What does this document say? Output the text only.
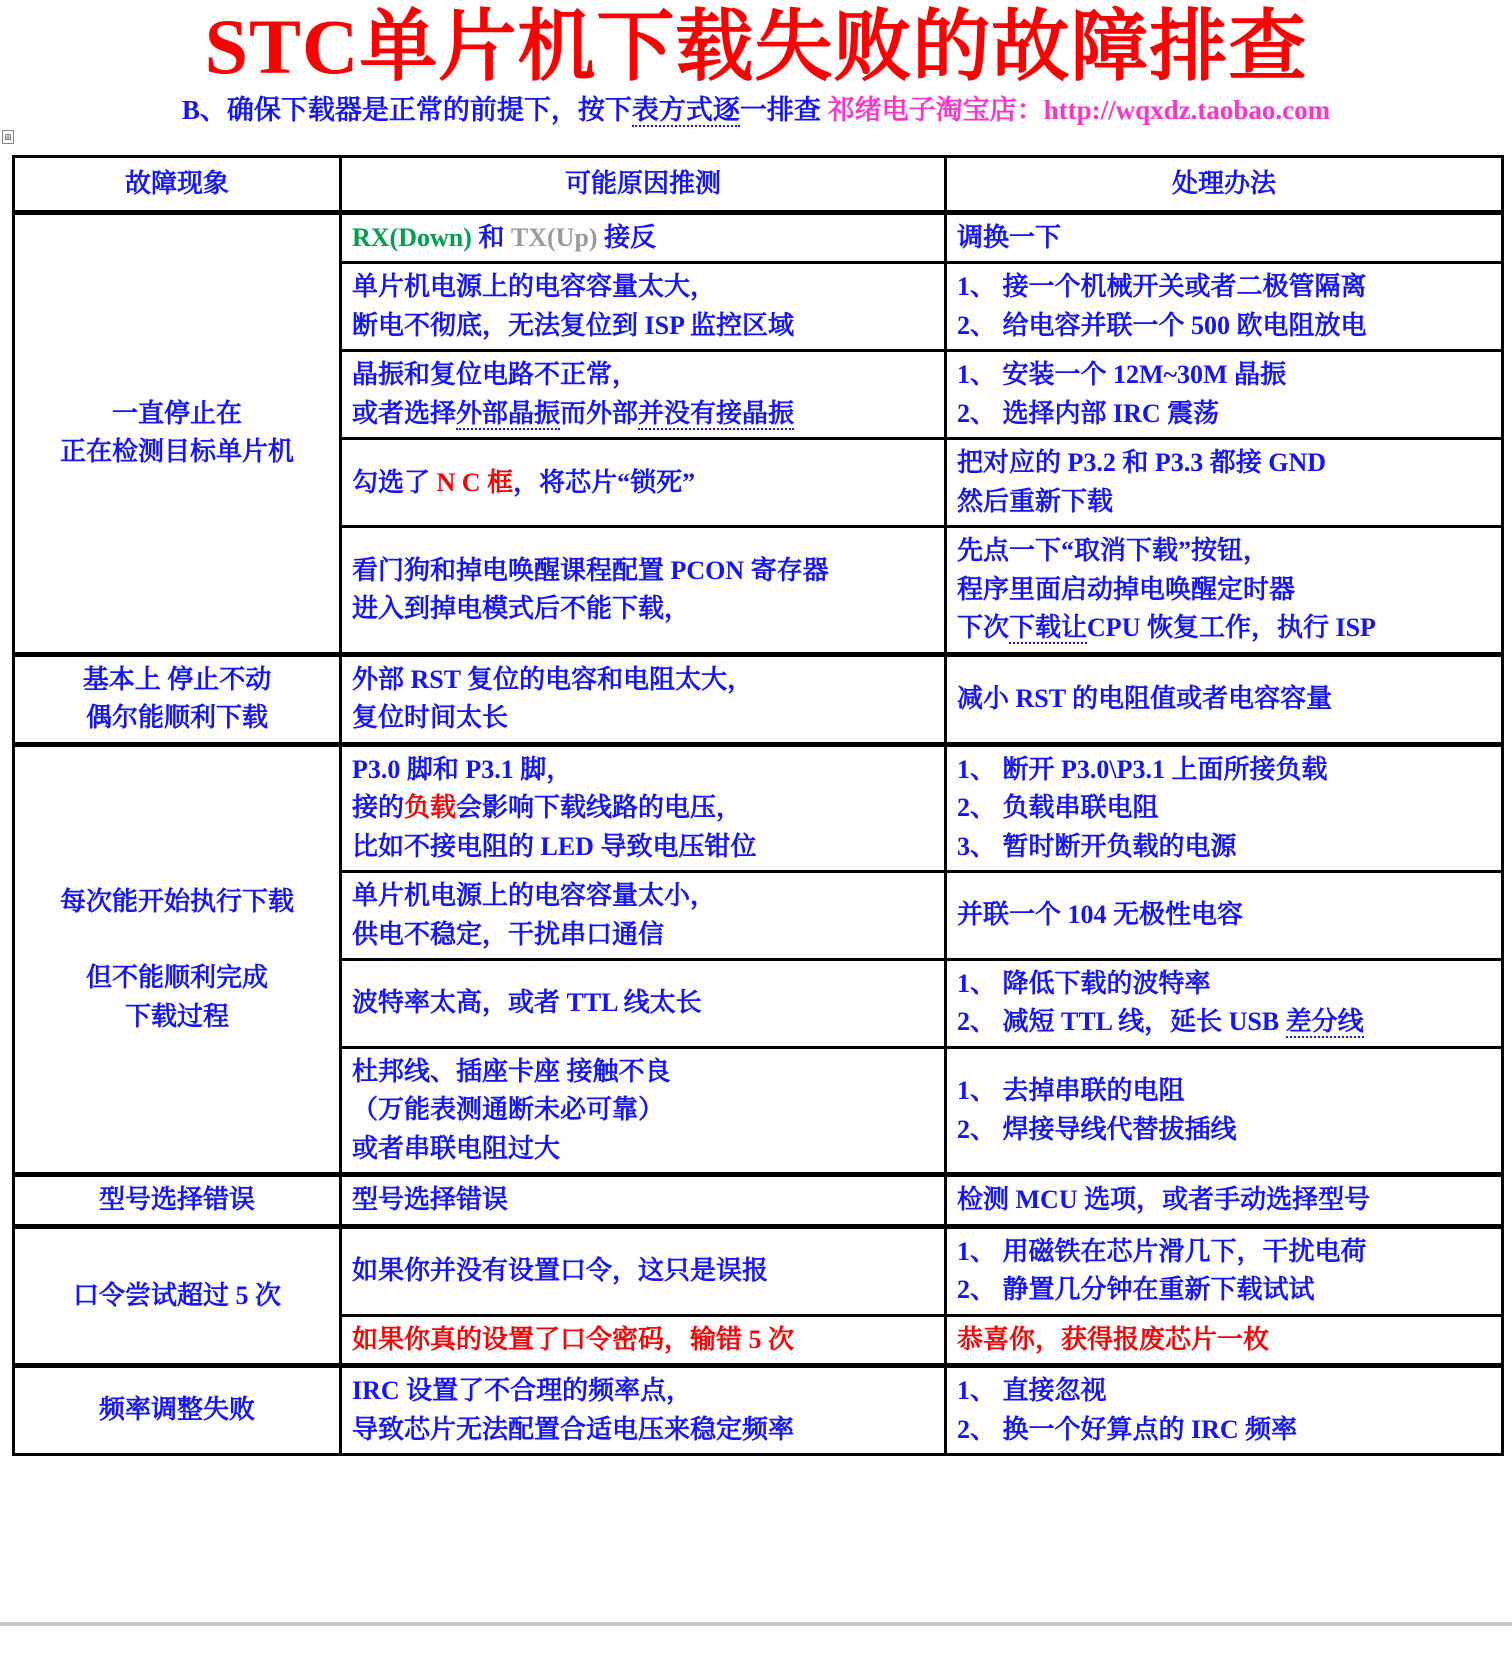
⊞
STC单片机下载失败的故障排查
B、确保下载器是正常的前提下，按下表方式逐一排查 祁绪电子淘宝店：http://wqxdz.taobao.com
故障现象	可能原因推测	处理办法

一直停止在
正在检测目标单片机	RX(Down) 和 TX(Up) 接反	调换一下

	单片机电源上的电容容量太大，
断电不彻底，无法复位到 ISP 监控区域	1、 接一个机械开关或者二极管隔离
2、 给电容并联一个 500 欧电阻放电

	晶振和复位电路不正常，
或者选择外部晶振而外部并没有接晶振	1、 安装一个 12M~30M 晶振
2、 选择内部 IRC 震荡

	勾选了 N C 框，将芯片“锁死”	把对应的 P3.2 和 P3.3 都接 GND
然后重新下载

	看门狗和掉电唤醒课程配置 PCON 寄存器
进入到掉电模式后不能下载，	先点一下“取消下载”按钮，
程序里面启动掉电唤醒定时器
下次下载让CPU 恢复工作，执行 ISP

基本上 停止不动
偶尔能顺利下载	外部 RST 复位的电容和电阻太大，
复位时间太长	减小 RST 的电阻值或者电容容量

每次能开始执行下载

但不能顺利完成
下载过程	P3.0 脚和 P3.1 脚，
接的负载会影响下载线路的电压，
比如不接电阻的 LED 导致电压钳位	1、 断开 P3.0\P3.1 上面所接负载
2、 负载串联电阻
3、 暂时断开负载的电源

	单片机电源上的电容容量太小，
供电不稳定，干扰串口通信	并联一个 104 无极性电容

	波特率太高，或者 TTL 线太长	1、 降低下载的波特率
2、 减短 TTL 线，延长 USB 差分线

	杜邦线、插座卡座 接触不良
（万能表测通断未必可靠）
或者串联电阻过大	1、 去掉串联的电阻
2、 焊接导线代替拔插线

型号选择错误	型号选择错误	检测 MCU 选项，或者手动选择型号

口令尝试超过 5 次	如果你并没有设置口令，这只是误报	1、 用磁铁在芯片滑几下，干扰电荷
2、 静置几分钟在重新下载试试

	如果你真的设置了口令密码，输错 5 次	恭喜你，获得报废芯片一枚

频率调整失败	IRC 设置了不合理的频率点，
导致芯片无法配置合适电压来稳定频率	1、 直接忽视
2、 换一个好算点的 IRC 频率
